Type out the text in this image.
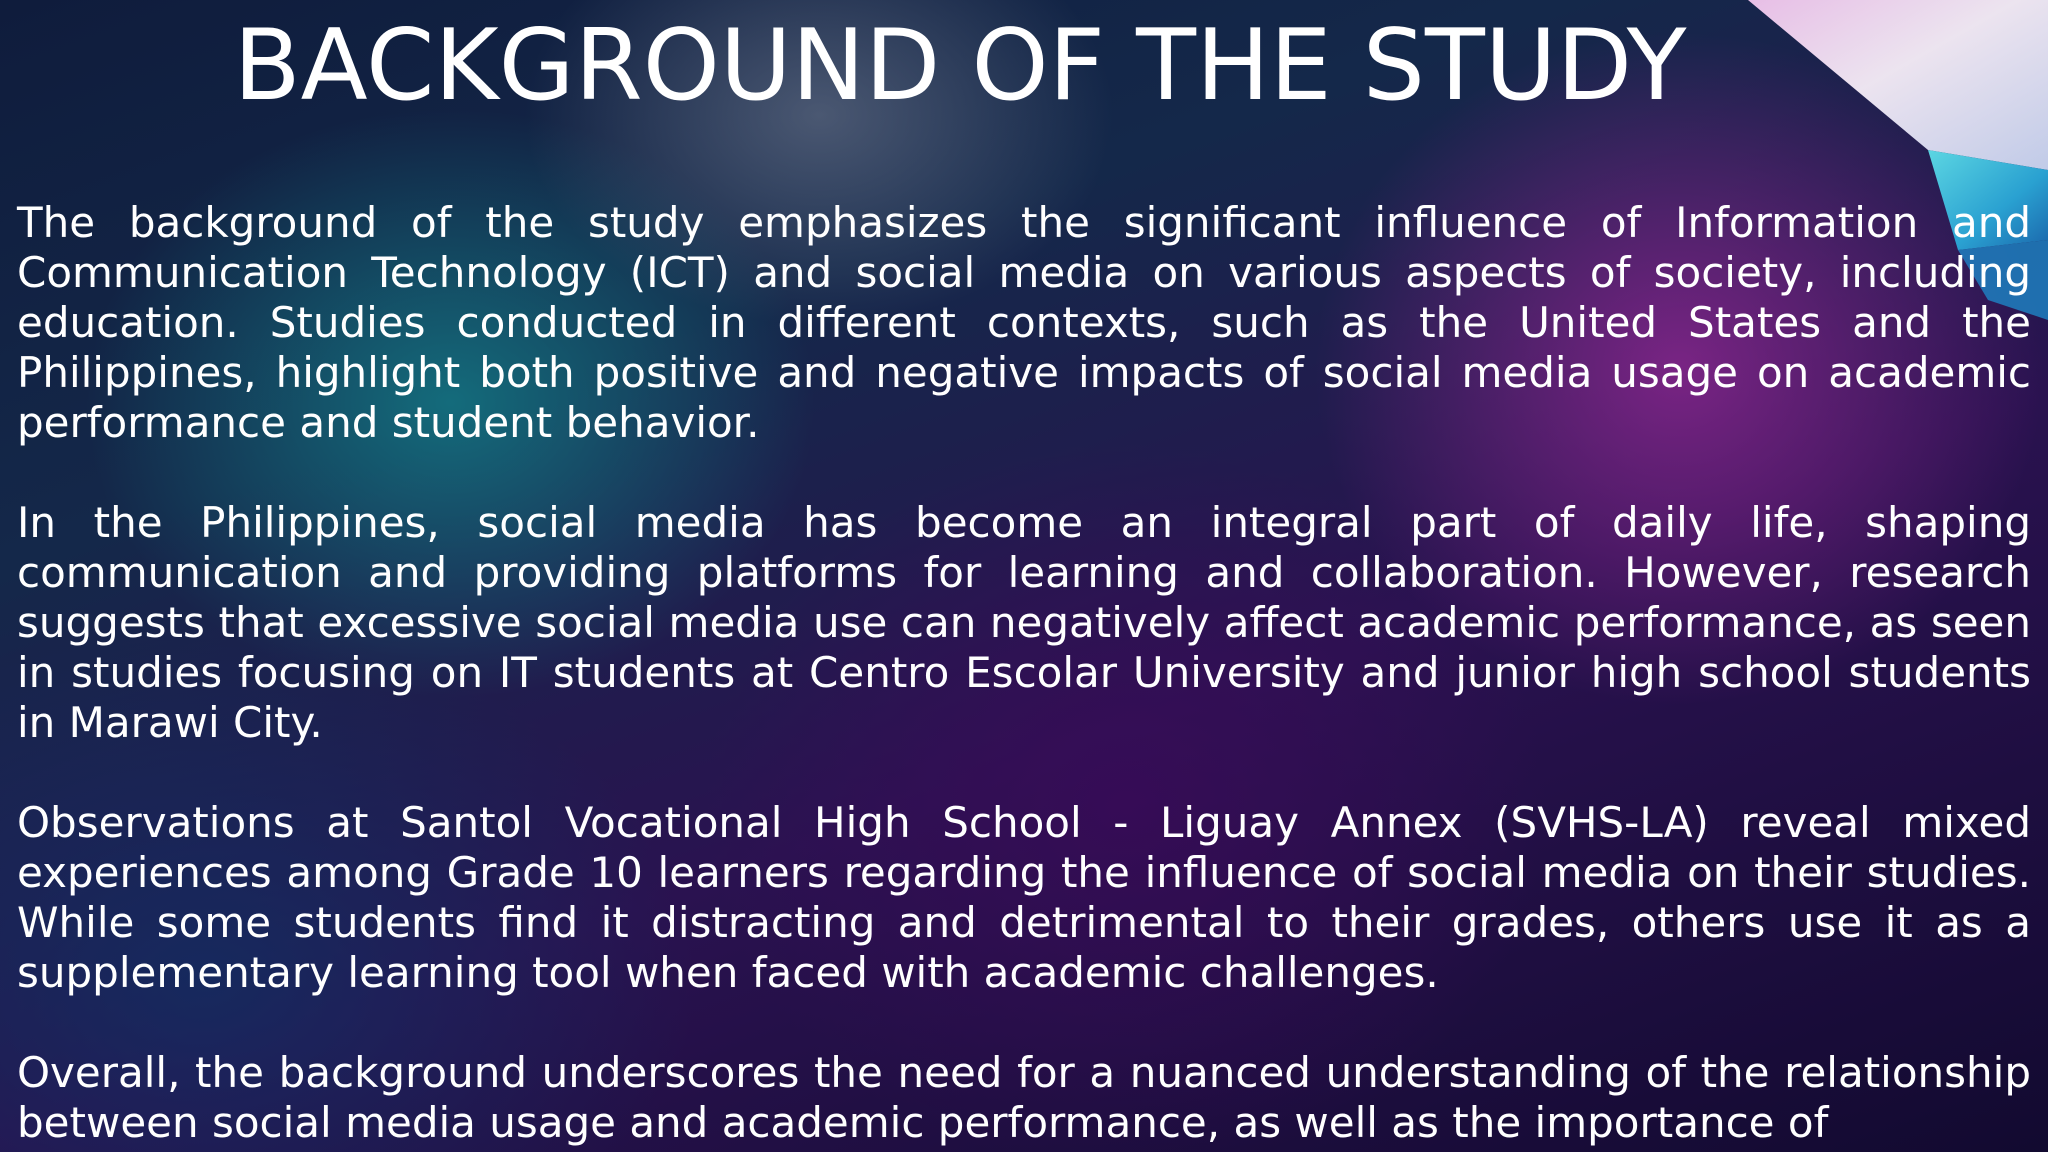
BACKGROUND OF THE STUDY

The background of the study emphasizes the significant influence of Information and Communication Technology (ICT) and social media on various aspects of society, including education. Studies conducted in different contexts, such as the United States and the Philippines, highlight both positive and negative impacts of social media usage on academic performance and student behavior.

In the Philippines, social media has become an integral part of daily life, shaping communication and providing platforms for learning and collaboration. However, research suggests that excessive social media use can negatively affect academic performance, as seen in studies focusing on IT students at Centro Escolar University and junior high school students in Marawi City.

Observations at Santol Vocational High School - Liguay Annex (SVHS-LA) reveal mixed experiences among Grade 10 learners regarding the influence of social media on their studies. While some students find it distracting and detrimental to their grades, others use it as a supplementary learning tool when faced with academic challenges.

Overall, the background underscores the need for a nuanced understanding of the relationship between social media usage and academic performance, as well as the importance of
